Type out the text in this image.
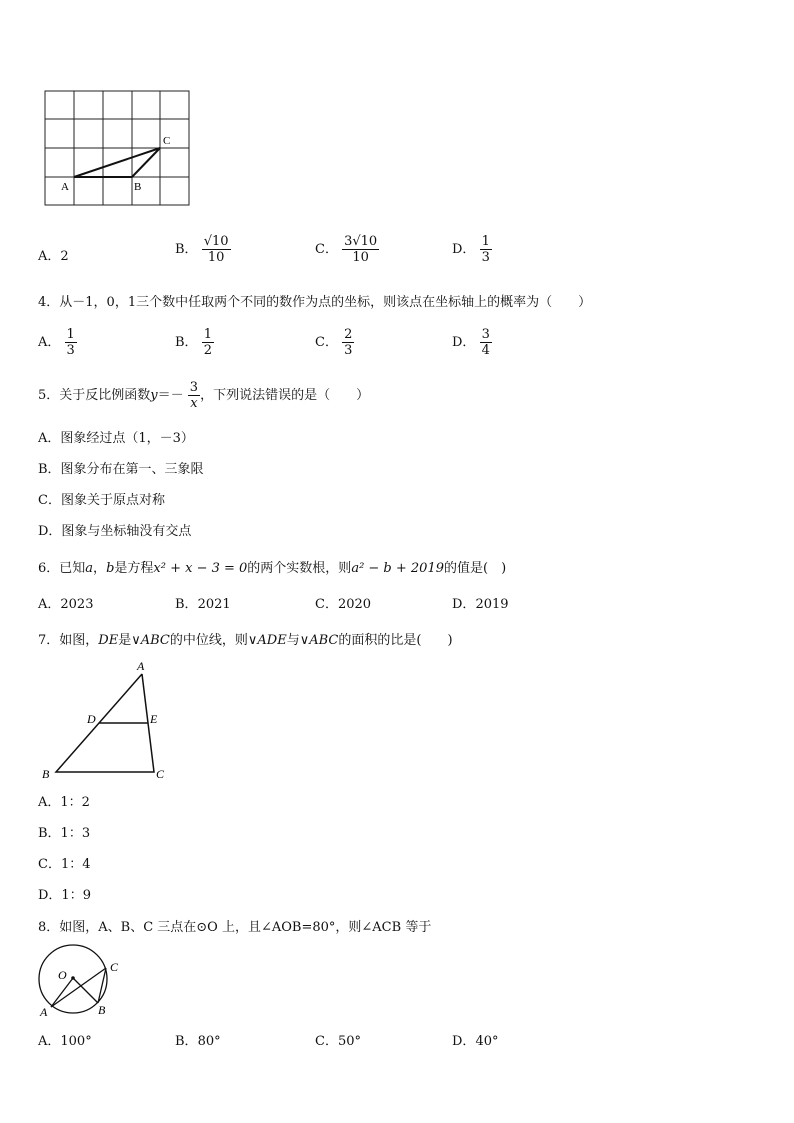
A	B
C
A．2	B． $\frac{√10}{10}$	C． $\frac{3√10}{10}$	D． $\frac{1}{3}$
4．从－1，0，1三个数中任取两个不同的数作为点的坐标，则该点在坐标轴上的概率为（　　）
A． $\frac{1}{3}$	B． $\frac{1}{2}$	C． $\frac{2}{3}$	D． $\frac{3}{4}$
5．关于反比例函数$y=- \frac{3}{x}$ ，下列说法错误的是（　　）
A．图象经过点（1，－3）
B．图象分布在第一、三象限
C．图象关于原点对称
D．图象与坐标轴没有交点
6．已知a，b是方程x² + x − 3 = 0的两个实数根，则a² − b + 2019的值是(　)
A．2023	B．2021	C．2020	D．2019
7．如图，DE是∨ABC的中位线，则∨ADE与∨ABC的面积的比是(　　)
A
D	E
B	C
A．1：2
B．1：3
C．1：4
D．1：9
8．如图，A、B、C 三点在⊙O 上，且∠AOB=80°，则∠ACB 等于
O
C
A	B
A．100°	B．80°	C．50°	D．40°
